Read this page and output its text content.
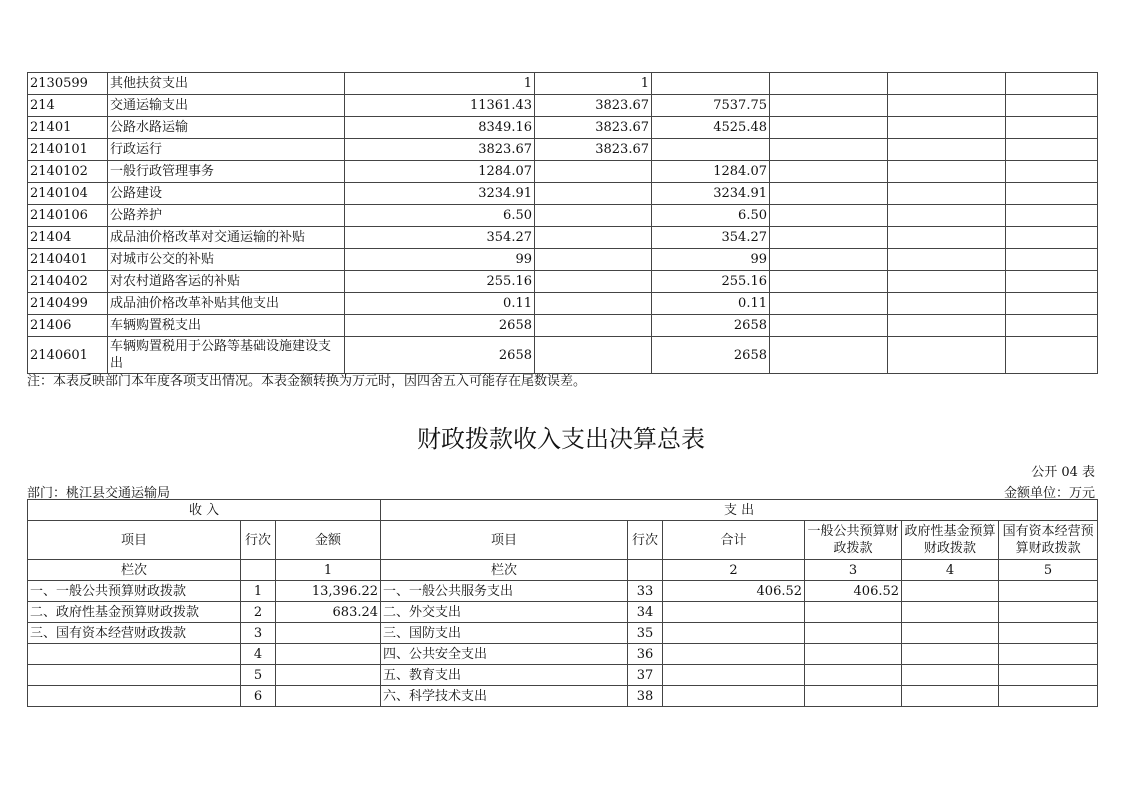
2130599	其他扶贫支出	1	1				
214	交通运输支出	11361.43	3823.67	7537.75			
21401	公路水路运输	8349.16	3823.67	4525.48			
2140101	行政运行	3823.67	3823.67				
2140102	一般行政管理事务	1284.07		1284.07			
2140104	公路建设	3234.91		3234.91			
2140106	公路养护	6.50		6.50			
21404	成品油价格改革对交通运输的补贴	354.27		354.27			
2140401	对城市公交的补贴	99		99			
2140402	对农村道路客运的补贴	255.16		255.16			
2140499	成品油价格改革补贴其他支出	0.11		0.11			
21406	车辆购置税支出	2658		2658			
2140601	车辆购置税用于公路等基础设施建设支出	2658		2658			
注：本表反映部门本年度各项支出情况。本表金额转换为万元时，因四舍五入可能存在尾数误差。
财政拨款收入支出决算总表
公开 04 表
部门：桃江县交通运输局	金额单位：万元
收 入			支 出					
项目	行次	金额	项目	行次	合计	一般公共预算财政拨款	政府性基金预算财政拨款	国有资本经营预算财政拨款
栏次		1	栏次		2	3	4	5
一、一般公共预算财政拨款	1	13,396.22	一、一般公共服务支出	33	406.52	406.52		
二、政府性基金预算财政拨款	2	683.24	二、外交支出	34				
三、国有资本经营财政拨款	3		三、国防支出	35				
	4		四、公共安全支出	36				
	5		五、教育支出	37				
	6		六、科学技术支出	38				
